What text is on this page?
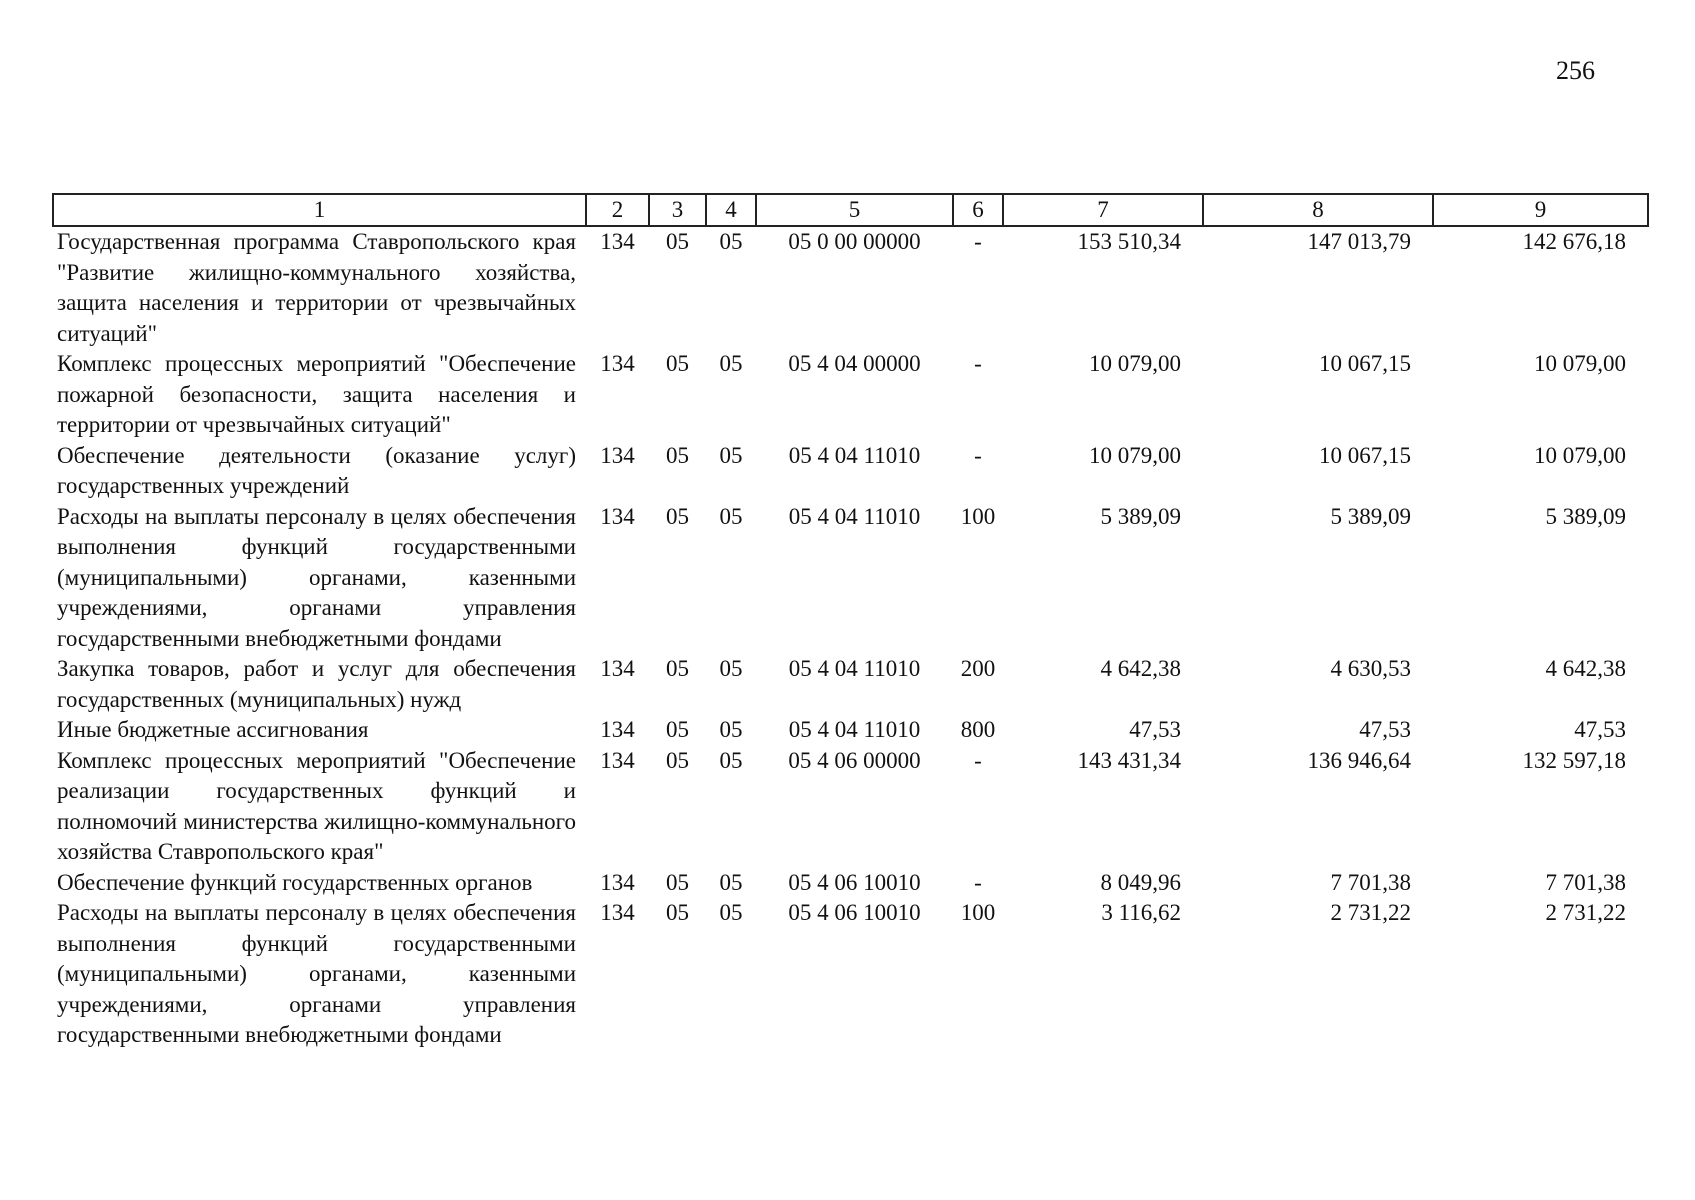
256
1	2	3	4	5	6	7	8	9
Государственная программа Ставропольского края "Развитие жилищно-коммунального хозяйства, защита населения и территории от чрезвычайных ситуаций"	134	05	05	05 0 00 00000	-	153 510,34	147 013,79	142 676,18
Комплекс процессных мероприятий "Обеспечение пожарной безопасности, защита населения и территории от чрезвычайных ситуаций"	134	05	05	05 4 04 00000	-	10 079,00	10 067,15	10 079,00
Обеспечение деятельности (оказание услуг) государственных учреждений	134	05	05	05 4 04 11010	-	10 079,00	10 067,15	10 079,00
Расходы на выплаты персоналу в целях обеспечения выполнения функций государственными (муниципальными) органами, казенными учреждениями, органами управления государственными внебюджетными фондами	134	05	05	05 4 04 11010	100	5 389,09	5 389,09	5 389,09
Закупка товаров, работ и услуг для обеспечения государственных (муниципальных) нужд	134	05	05	05 4 04 11010	200	4 642,38	4 630,53	4 642,38
Иные бюджетные ассигнования	134	05	05	05 4 04 11010	800	47,53	47,53	47,53
Комплекс процессных мероприятий "Обеспечение реализации государственных функций и полномочий министерства жилищно-коммунального хозяйства Ставропольского края"	134	05	05	05 4 06 00000	-	143 431,34	136 946,64	132 597,18
Обеспечение функций государственных органов	134	05	05	05 4 06 10010	-	8 049,96	7 701,38	7 701,38
Расходы на выплаты персоналу в целях обеспечения выполнения функций государственными (муниципальными) органами, казенными учреждениями, органами управления государственными внебюджетными фондами	134	05	05	05 4 06 10010	100	3 116,62	2 731,22	2 731,22
